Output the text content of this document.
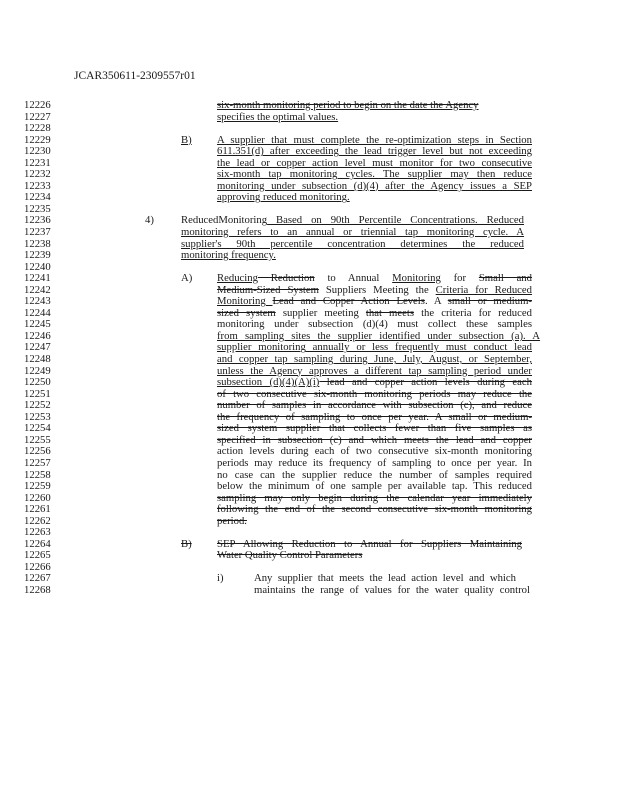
JCAR350611-2309557r01
12226	six-month monitoring period to begin on the date the Agency
12227	specifies the optimal values.
12228
12229	B) A supplier that must complete the re-optimization steps in Section
12230	611.351(d) after exceeding the lead trigger level but not exceeding
12231	the lead or copper action level must monitor for two consecutive
12232	six-month tap monitoring cycles. The supplier may then reduce
12233	monitoring under subsection (d)(4) after the Agency issues a SEP
12234	approving reduced monitoring.
12235
12236	4)	ReducedMonitoring Based on 90th Percentile Concentrations. Reduced
12237	monitoring refers to an annual or triennial tap monitoring cycle. A
12238	supplier's 90th percentile concentration determines the reduced
12239	monitoring frequency.
12240
12241	A) Reducing Reduction to Annual Monitoring for Small and
12242	Medium-Sized System Suppliers Meeting the Criteria for Reduced
12243	Monitoring Lead and Copper Action Levels. A small or medium-
12244	sized system supplier meeting that meets the criteria for reduced
12245	monitoring under subsection (d)(4) must collect these samples
12246	from sampling sites the supplier identified under subsection (a). A
12247	supplier monitoring annually or less frequently must conduct lead
12248	and copper tap sampling during June, July, August, or September,
12249	unless the Agency approves a different tap sampling period under
12250	subsection (d)(4)(A)(i) lead and copper action levels during each
12251	of two consecutive six-month monitoring periods may reduce the
12252	number of samples in accordance with subsection (c), and reduce
12253	the frequency of sampling to once per year. A small or medium-
12254	sized system supplier that collects fewer than five samples as
12255	specified in subsection (c) and which meets the lead and copper
12256	action levels during each of two consecutive six-month monitoring
12257	periods may reduce its frequency of sampling to once per year. In
12258	no case can the supplier reduce the number of samples required
12259	below the minimum of one sample per available tap. This reduced
12260	sampling may only begin during the calendar year immediately
12261	following the end of the second consecutive six-month monitoring
12262	period.
12263
12264	B) SEP Allowing Reduction to Annual for Suppliers Maintaining
12265	Water Quality Control Parameters
12266
12267	i)	Any supplier that meets the lead action level and which
12268	maintains the range of values for the water quality control
